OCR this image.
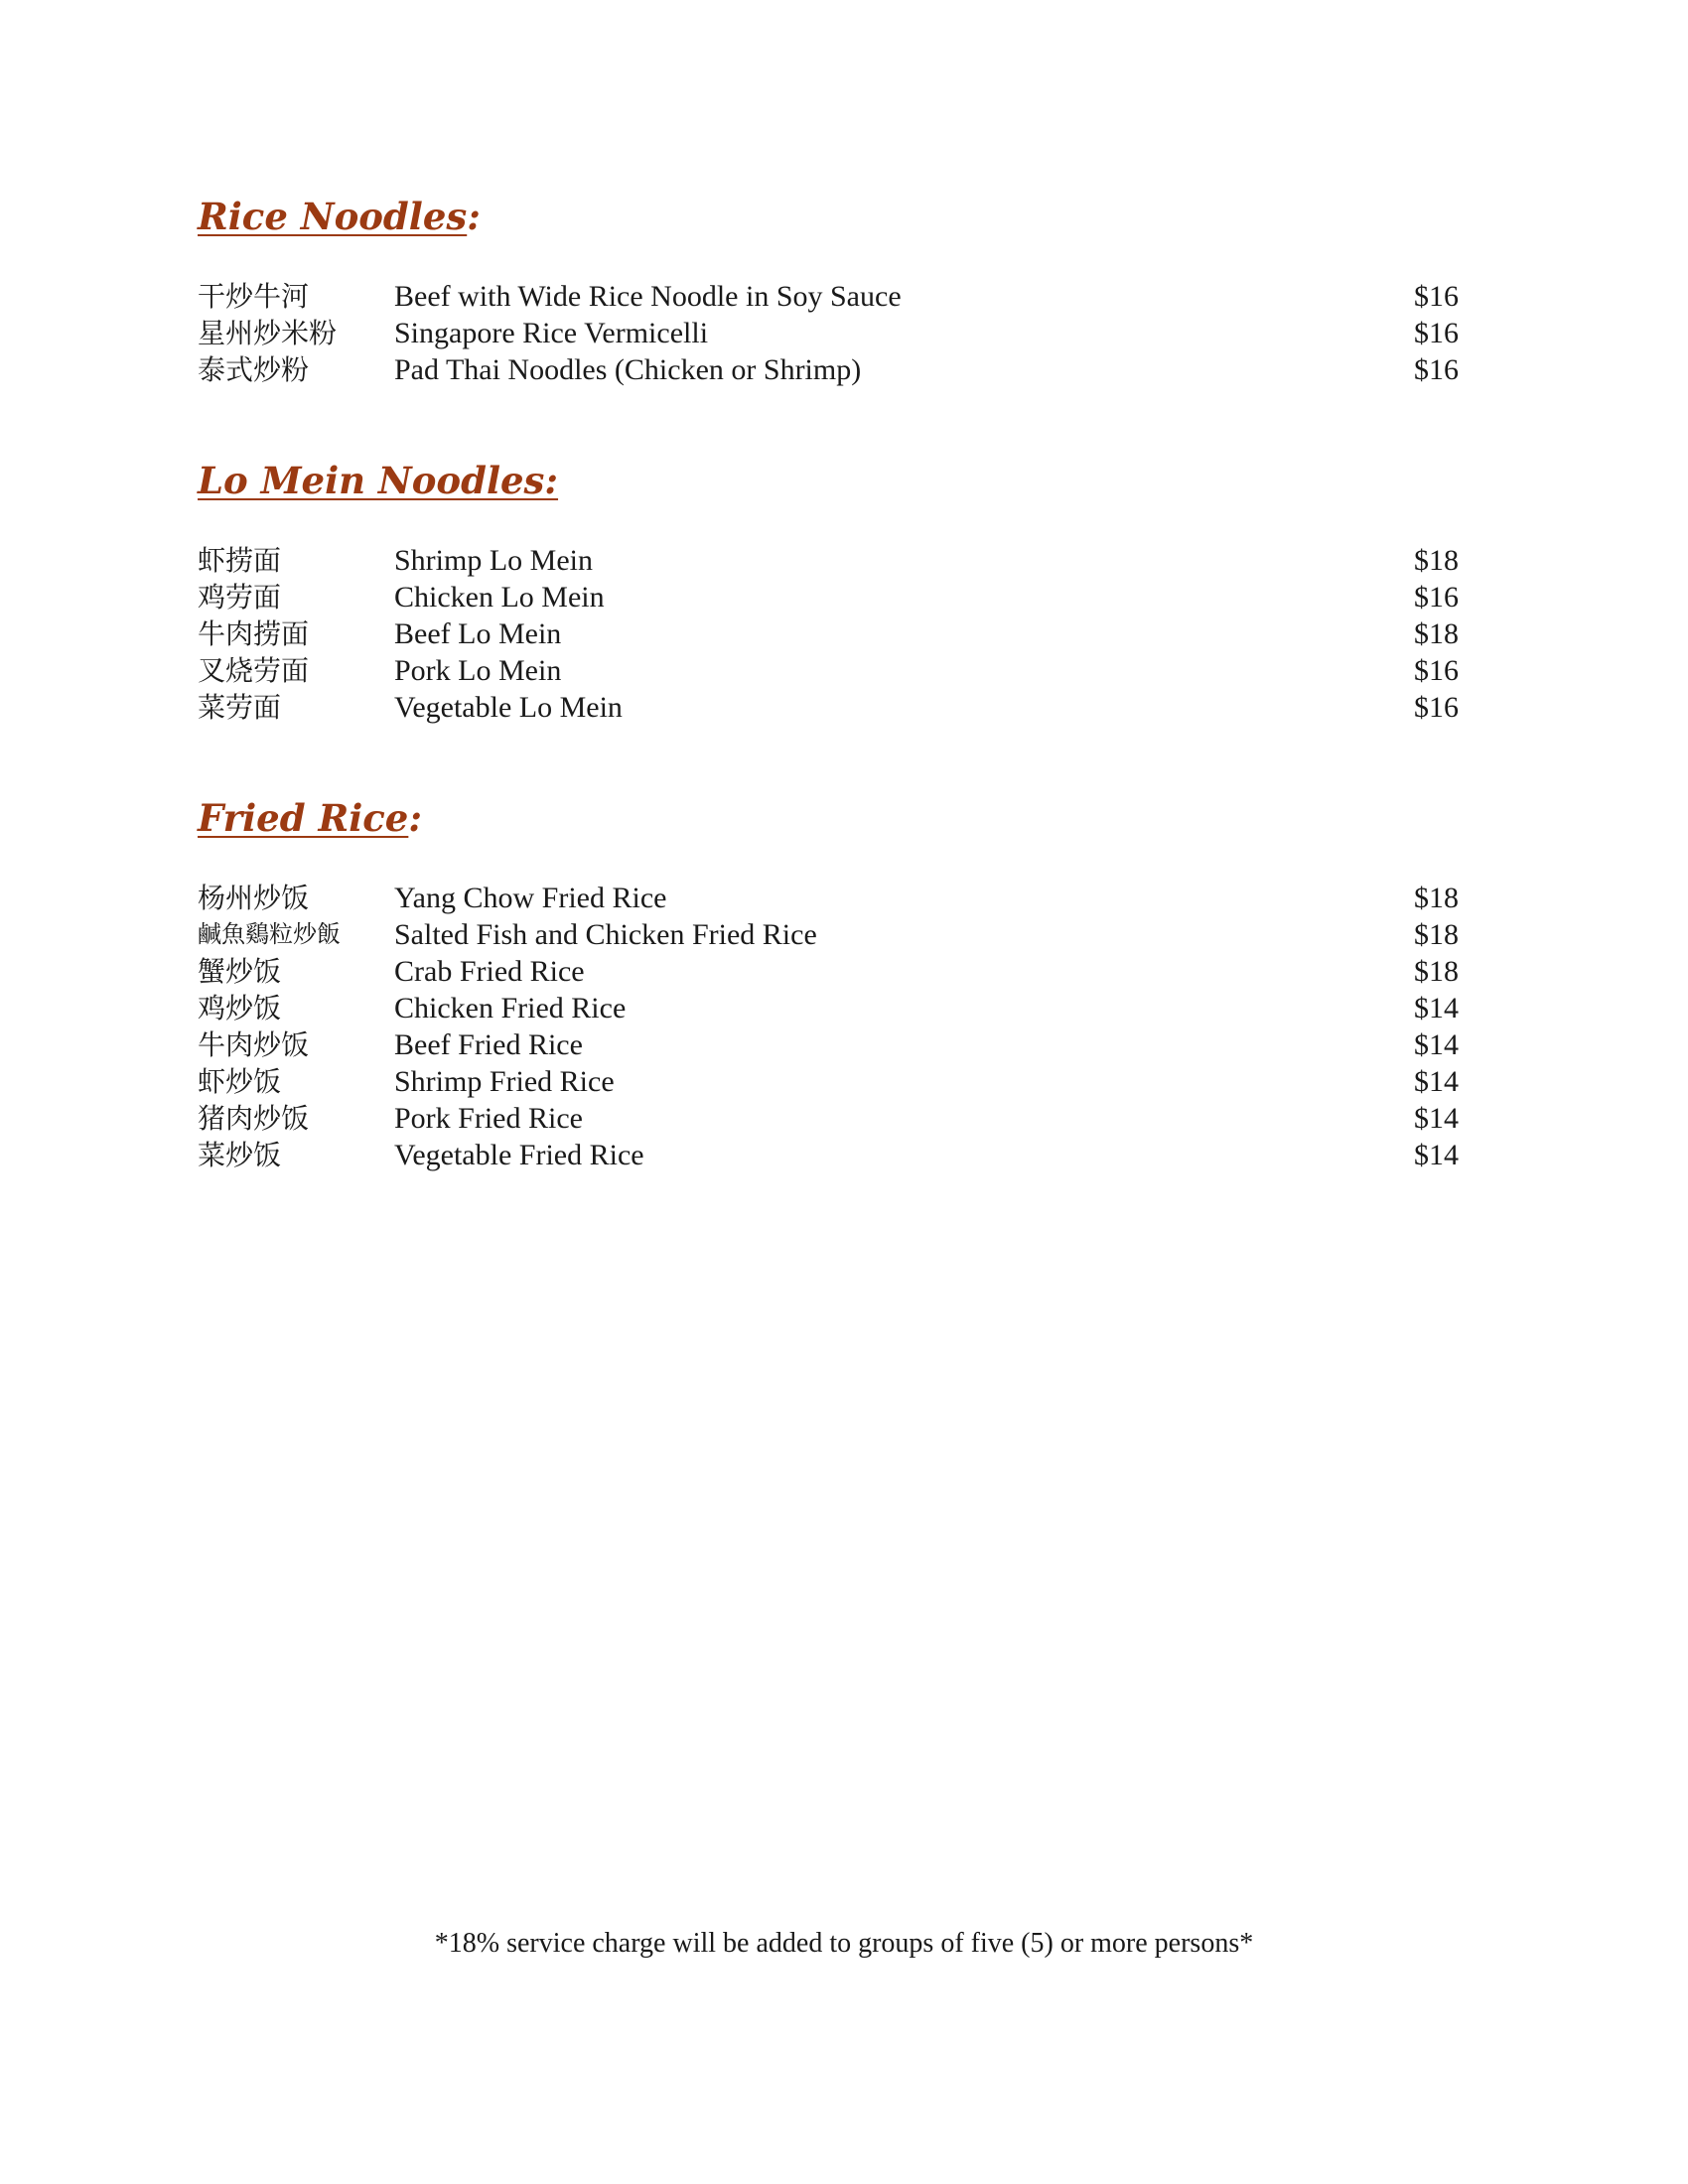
Rice Noodles:
干炒牛河	Beef with Wide Rice Noodle in Soy Sauce	$16
星州炒米粉 Singapore Rice Vermicelli	$16
泰式炒粉	Pad Thai Noodles (Chicken or Shrimp)	$16
Lo Mein Noodles:
虾捞面	Shrimp Lo Mein	$18
鸡劳面	Chicken Lo Mein	$16
牛肉捞面	Beef Lo Mein	$18
叉烧劳面	Pork Lo Mein	$16
菜劳面	Vegetable Lo Mein	$16
Fried Rice:
杨州炒饭	Yang Chow Fried Rice	$18
鹹魚鷄粒炒飯 Salted Fish and Chicken Fried Rice	$18
蟹炒饭	Crab Fried Rice	$18
鸡炒饭	Chicken Fried Rice	$14
牛肉炒饭	Beef Fried Rice	$14
虾炒饭	Shrimp Fried Rice	$14
猪肉炒饭	Pork Fried Rice	$14
菜炒饭	Vegetable Fried Rice	$14
*18% service charge will be added to groups of five (5) or more persons*
